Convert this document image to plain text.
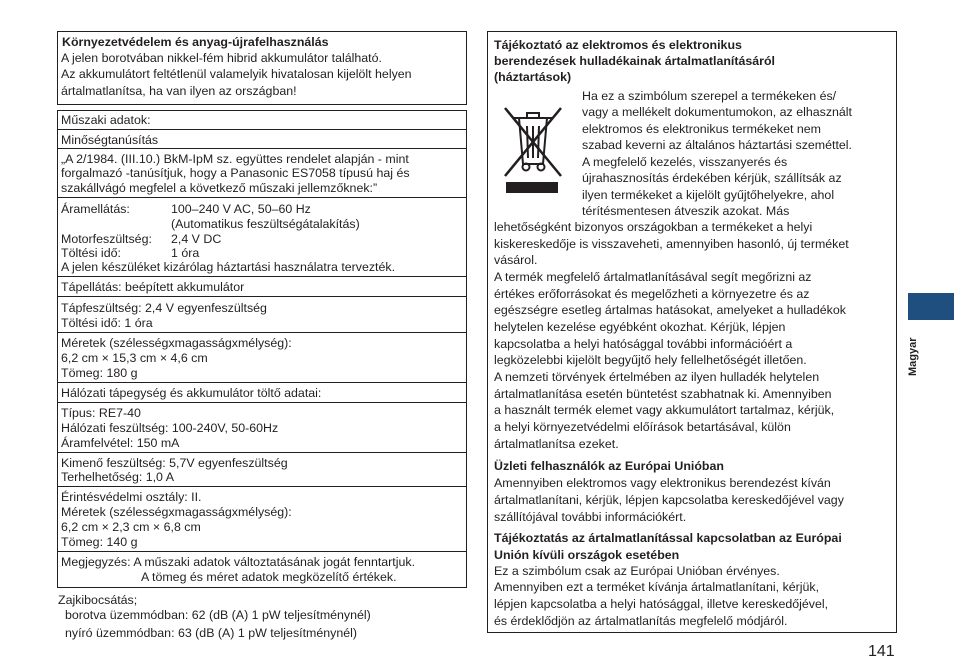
Környezetvédelem és anyag-újrafelhasználás
A jelen borotvában nikkel-fém hibrid akkumulátor található.
Az akkumulátort feltétlenül valamelyik hivatalosan kijelölt helyen
ártalmatlanítsa, ha van ilyen az országban!
Műszaki adatok:
Minőségtanúsítás
„A 2/1984. (III.10.) BkM-IpM sz. együttes rendelet alapján - mint
forgalmazó -tanúsítjuk, hogy a Panasonic ES7058 típusú haj és
szakállvágó megfelel a következő műszaki jellemzőknek:”
Áramellátás:	100–240 V AC, 50–60 Hz
(Automatikus feszültségátalakítás)
Motorfeszültség: 2,4 V DC
Töltési idő:	1 óra
A jelen készüléket kizárólag háztartási használatra tervezték.
Tápellátás: beépített akkumulátor
Tápfeszültség: 2,4 V egyenfeszültség
Töltési idő: 1 óra
Méretek (szélességxmagasságxmélység):
6,2 cm × 15,3 cm × 4,6 cm
Tömeg: 180 g
Hálózati tápegység és akkumulátor töltő adatai:
Típus: RE7-40
Hálózati feszültség: 100-240V, 50-60Hz
Áramfelvétel: 150 mA
Kimenő feszültség: 5,7V egyenfeszültség
Terhelhetőség: 1,0 A
Érintésvédelmi osztály: II.
Méretek (szélességxmagasságxmélység):
6,2 cm × 2,3 cm × 6,8 cm
Tömeg: 140 g
Megjegyzés: A műszaki adatok változtatásának jogát fenntartjuk.
A tömeg és méret adatok megközelítő értékek.
Zajkibocsátás;
borotva üzemmódban: 62 (dB (A) 1 pW teljesítménynél)
nyíró üzemmódban: 63 (dB (A) 1 pW teljesítménynél)
Tájékoztató az elektromos és elektronikus
berendezések hulladékainak ártalmatlanításáról
(háztartások)
Ha ez a szimbólum szerepel a termékeken és/
vagy a mellékelt dokumentumokon, az elhasznált
elektromos és elektronikus termékeket nem
szabad keverni az általános háztartási szeméttel.
A megfelelő kezelés, visszanyerés és
újrahasznosítás érdekében kérjük, szállítsák az
ilyen termékeket a kijelölt gyűjtőhelyekre, ahol
térítésmentesen átveszik azokat. Más
lehetőségként bizonyos országokban a termékeket a helyi
kiskereskedője is visszaveheti, amennyiben hasonló, új terméket
vásárol.
A termék megfelelő ártalmatlanításával segít megőrizni az
értékes erőforrásokat és megelőzheti a környezetre és az
egészségre esetleg ártalmas hatásokat, amelyeket a hulladékok
helytelen kezelése egyébként okozhat. Kérjük, lépjen
kapcsolatba a helyi hatósággal további információért a
legközelebbi kijelölt begyűjtő hely fellelhetőségét illetően.
A nemzeti törvények értelmében az ilyen hulladék helytelen
ártalmatlanítása esetén büntetést szabhatnak ki. Amennyiben
a használt termék elemet vagy akkumulátort tartalmaz, kérjük,
a helyi környezetvédelmi előírások betartásával, külön
ártalmatlanítsa ezeket.
Üzleti felhasználók az Európai Unióban
Amennyiben elektromos vagy elektronikus berendezést kíván
ártalmatlanítani, kérjük, lépjen kapcsolatba kereskedőjével vagy
szállítójával további információkért.
Tájékoztatás az ártalmatlanítással kapcsolatban az Európai
Unión kívüli országok esetében
Ez a szimbólum csak az Európai Unióban érvényes.
Amennyiben ezt a terméket kívánja ártalmatlanítani, kérjük,
lépjen kapcsolatba a helyi hatósággal, illetve kereskedőjével,
és érdeklődjön az ártalmatlanítás megfelelő módjáról.
Magyar
141
